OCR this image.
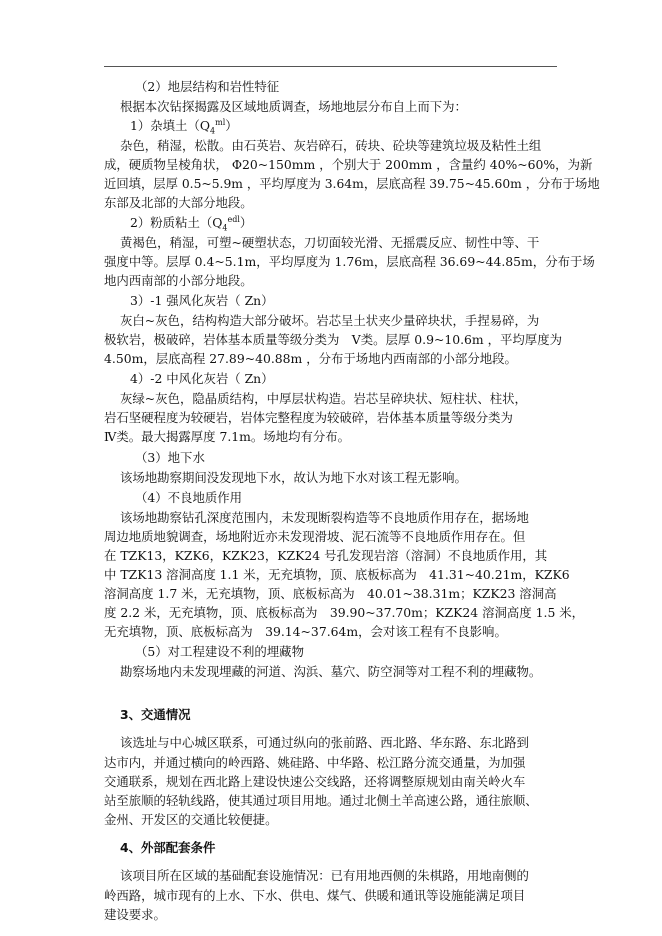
（2）地层结构和岩性特征
根据本次钻探揭露及区域地质调查，场地地层分布自上而下为：
1）杂填土$(Q_4^{ml})$
杂色，稍湿，松散。由石英岩、灰岩碎石，砖块、砼块等建筑垃圾及粘性土组
成，硬质物呈棱角状， Φ20~150mm ，个别大于 200mm ，含量约 40%~60%，为新
近回填，层厚 0.5~5.9m ，平均厚度为 3.64m，层底高程 39.75~45.60m ，分布于场地
东部及北部的大部分地段。
2）粉质粘土$(Q_4^{edl})$
黄褐色，稍湿，可塑~硬塑状态，刀切面较光滑、无摇震反应、韧性中等、干
强度中等。层厚 0.4~5.1m，平均厚度为 1.76m，层底高程 36.69~44.85m，分布于场
地内西南部的小部分地段。
3）-1 强风化灰岩（ Zn）
灰白~灰色，结构构造大部分破坏。岩芯呈土状夹少量碎块状，手捏易碎，为
极软岩，极破碎，岩体基本质量等级分类为　Ⅴ类。层厚 0.9~10.6m ，平均厚度为
4.50m，层底高程 27.89~40.88m ，分布于场地内西南部的小部分地段。
4）-2 中风化灰岩（ Zn）
灰绿~灰色，隐晶质结构，中厚层状构造。岩芯呈碎块状、短柱状、柱状，
岩石坚硬程度为较硬岩，岩体完整程度为较破碎，岩体基本质量等级分类为
Ⅳ类。最大揭露厚度 7.1m。场地均有分布。
（3）地下水
该场地勘察期间没发现地下水，故认为地下水对该工程无影响。
（4）不良地质作用
该场地勘察钻孔深度范围内，未发现断裂构造等不良地质作用存在，据场地
周边地质地貌调查，场地附近亦未发现滑坡、泥石流等不良地质作用存在。但
在 TZK13，KZK6，KZK23，KZK24 号孔发现岩溶（溶洞）不良地质作用，其
中 TZK13 溶洞高度 1.1 米，无充填物，顶、底板标高为　41.31~40.21m，KZK6
溶洞高度 1.7 米，无充填物，顶、底板标高为　40.01~38.31m；KZK23 溶洞高
度 2.2 米，无充填物，顶、底板标高为　39.90~37.70m；KZK24 溶洞高度 1.5 米，
无充填物，顶、底板标高为　39.14~37.64m，会对该工程有不良影响。
（5）对工程建设不利的埋藏物
勘察场地内未发现埋藏的河道、沟浜、墓穴、防空洞等对工程不利的埋藏物。
3、交通情况
该选址与中心城区联系，可通过纵向的张前路、西北路、华东路、东北路到
达市内，并通过横向的岭西路、姚硅路、中华路、松江路分流交通量，为加强
交通联系，规划在西北路上建设快速公交线路，还将调整原规划由南关岭火车
站至旅顺的轻轨线路，使其通过项目用地。通过北侧土羊高速公路，通往旅顺、
金州、开发区的交通比较便捷。
4、外部配套条件
该项目所在区域的基础配套设施情况：已有用地西侧的朱棋路，用地南侧的
岭西路，城市现有的上水、下水、供电、煤气、供暖和通讯等设施能满足项目
建设要求。
